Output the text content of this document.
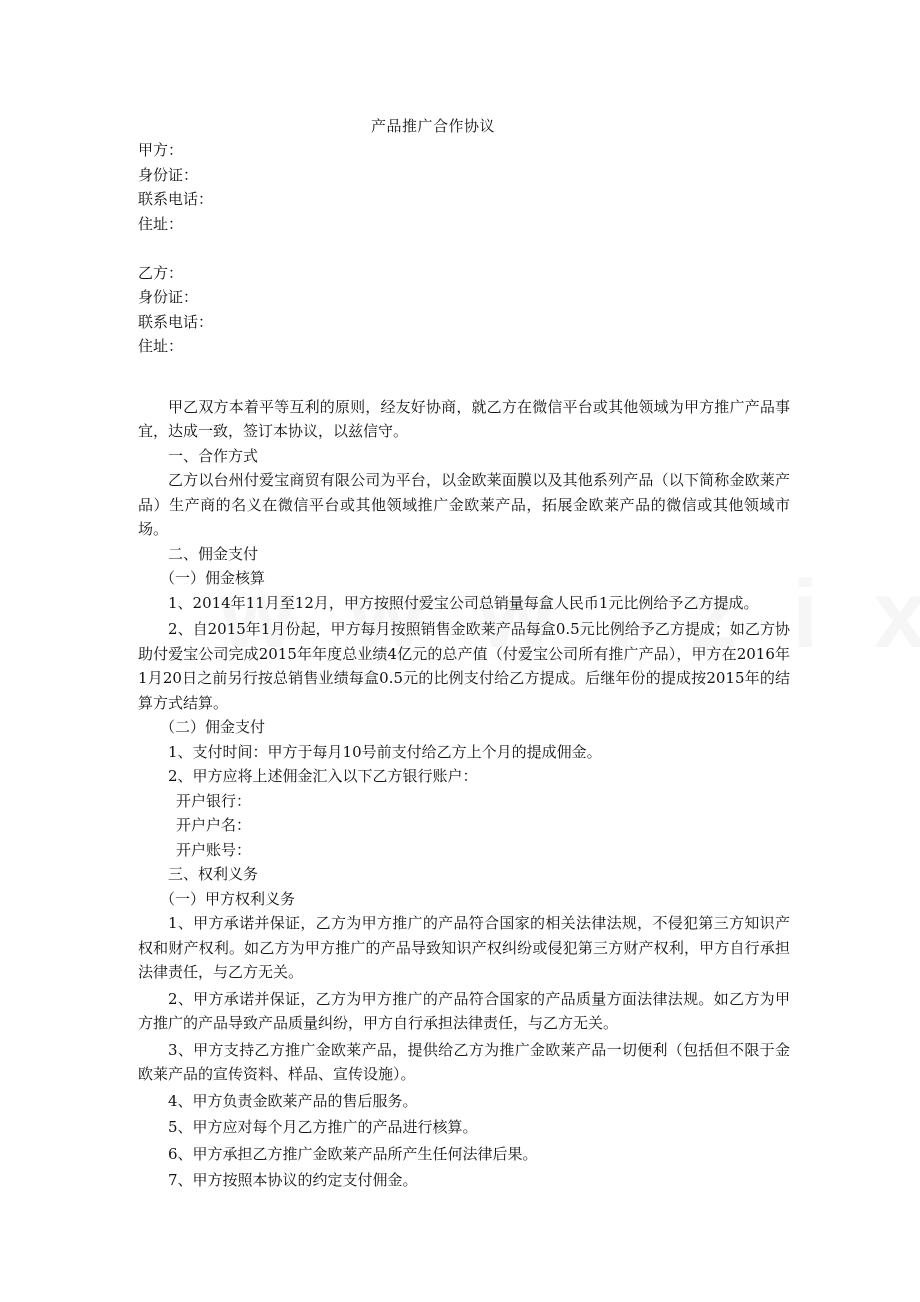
产品推广合作协议
甲方：
身份证：
联系电话：
住址：
乙方：
身份证：
联系电话：
住址：

甲乙双方本着平等互利的原则，经友好协商，就乙方在微信平台或其他领域为甲方推广产品事宜，达成一致，签订本协议，以兹信守。

一、合作方式

乙方以台州付爱宝商贸有限公司为平台，以金欧莱面膜以及其他系列产品（以下简称金欧莱产品）生产商的名义在微信平台或其他领域推广金欧莱产品，拓展金欧莱产品的微信或其他领域市场。

二、佣金支付
（一）佣金核算

1、2014年11月至12月，甲方按照付爱宝公司总销量每盒人民币1元比例给予乙方提成。

2、自2015年1月份起，甲方每月按照销售金欧莱产品每盒0.5元比例给予乙方提成；如乙方协助付爱宝公司完成2015年年度总业绩4亿元的总产值（付爱宝公司所有推广产品），甲方在2016年1月20日之前另行按总销售业绩每盒0.5元的比例支付给乙方提成。后继年份的提成按2015年的结算方式结算。

（二）佣金支付
1、支付时间：甲方于每月10号前支付给乙方上个月的提成佣金。
2、甲方应将上述佣金汇入以下乙方银行账户：
开户银行：
开户户名：
开户账号：
三、权利义务
（一）甲方权利义务

1、甲方承诺并保证，乙方为甲方推广的产品符合国家的相关法律法规，不侵犯第三方知识产权和财产权利。如乙方为甲方推广的产品导致知识产权纠纷或侵犯第三方财产权利，甲方自行承担法律责任，与乙方无关。

2、甲方承诺并保证，乙方为甲方推广的产品符合国家的产品质量方面法律法规。如乙方为甲方推广的产品导致产品质量纠纷，甲方自行承担法律责任，与乙方无关。

3、甲方支持乙方推广金欧莱产品，提供给乙方为推广金欧莱产品一切便利（包括但不限于金欧莱产品的宣传资料、样品、宣传设施）。

4、甲方负责金欧莱产品的售后服务。

5、甲方应对每个月乙方推广的产品进行核算。

6、甲方承担乙方推广金欧莱产品所产生任何法律后果。

7、甲方按照本协议的约定支付佣金。
